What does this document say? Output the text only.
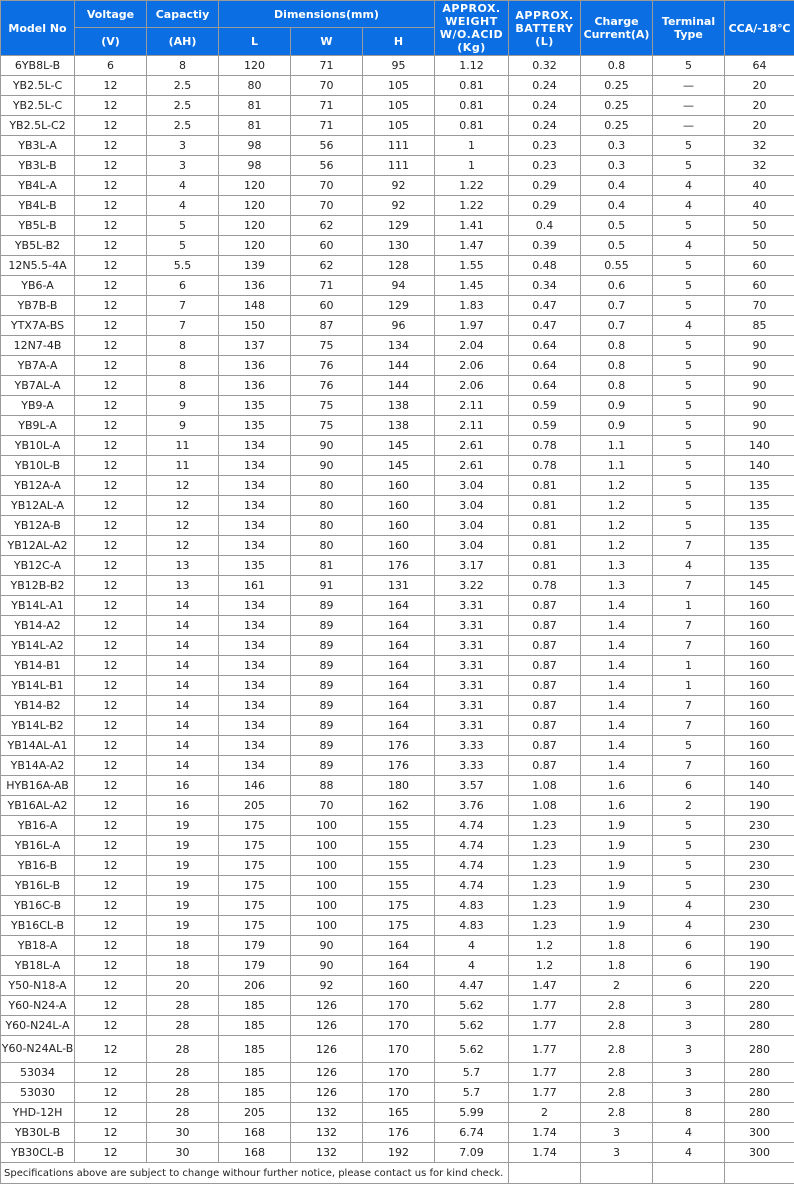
Model No	Voltage	Capactiy	Dimensions(mm)			APPROX. WEIGHT W/O.ACID (Kg)	APPROX. BATTERY (L)	Charge Current(A)	Terminal Type	CCA/-18℃
	(V)	(AH)	L	W	H					
6YB8L-B	6	8	120	71	95	1.12	0.32	0.8	5	64
YB2.5L-C	12	2.5	80	70	105	0.81	0.24	0.25	—	20
YB2.5L-C	12	2.5	81	71	105	0.81	0.24	0.25	—	20
YB2.5L-C2	12	2.5	81	71	105	0.81	0.24	0.25	—	20
YB3L-A	12	3	98	56	111	1	0.23	0.3	5	32
YB3L-B	12	3	98	56	111	1	0.23	0.3	5	32
YB4L-A	12	4	120	70	92	1.22	0.29	0.4	4	40
YB4L-B	12	4	120	70	92	1.22	0.29	0.4	4	40
YB5L-B	12	5	120	62	129	1.41	0.4	0.5	5	50
YB5L-B2	12	5	120	60	130	1.47	0.39	0.5	4	50
12N5.5-4A	12	5.5	139	62	128	1.55	0.48	0.55	5	60
YB6-A	12	6	136	71	94	1.45	0.34	0.6	5	60
YB7B-B	12	7	148	60	129	1.83	0.47	0.7	5	70
YTX7A-BS	12	7	150	87	96	1.97	0.47	0.7	4	85
12N7-4B	12	8	137	75	134	2.04	0.64	0.8	5	90
YB7A-A	12	8	136	76	144	2.06	0.64	0.8	5	90
YB7AL-A	12	8	136	76	144	2.06	0.64	0.8	5	90
YB9-A	12	9	135	75	138	2.11	0.59	0.9	5	90
YB9L-A	12	9	135	75	138	2.11	0.59	0.9	5	90
YB10L-A	12	11	134	90	145	2.61	0.78	1.1	5	140
YB10L-B	12	11	134	90	145	2.61	0.78	1.1	5	140
YB12A-A	12	12	134	80	160	3.04	0.81	1.2	5	135
YB12AL-A	12	12	134	80	160	3.04	0.81	1.2	5	135
YB12A-B	12	12	134	80	160	3.04	0.81	1.2	5	135
YB12AL-A2	12	12	134	80	160	3.04	0.81	1.2	7	135
YB12C-A	12	13	135	81	176	3.17	0.81	1.3	4	135
YB12B-B2	12	13	161	91	131	3.22	0.78	1.3	7	145
YB14L-A1	12	14	134	89	164	3.31	0.87	1.4	1	160
YB14-A2	12	14	134	89	164	3.31	0.87	1.4	7	160
YB14L-A2	12	14	134	89	164	3.31	0.87	1.4	7	160
YB14-B1	12	14	134	89	164	3.31	0.87	1.4	1	160
YB14L-B1	12	14	134	89	164	3.31	0.87	1.4	1	160
YB14-B2	12	14	134	89	164	3.31	0.87	1.4	7	160
YB14L-B2	12	14	134	89	164	3.31	0.87	1.4	7	160
YB14AL-A1	12	14	134	89	176	3.33	0.87	1.4	5	160
YB14A-A2	12	14	134	89	176	3.33	0.87	1.4	7	160
HYB16A-AB	12	16	146	88	180	3.57	1.08	1.6	6	140
YB16AL-A2	12	16	205	70	162	3.76	1.08	1.6	2	190
YB16-A	12	19	175	100	155	4.74	1.23	1.9	5	230
YB16L-A	12	19	175	100	155	4.74	1.23	1.9	5	230
YB16-B	12	19	175	100	155	4.74	1.23	1.9	5	230
YB16L-B	12	19	175	100	155	4.74	1.23	1.9	5	230
YB16C-B	12	19	175	100	175	4.83	1.23	1.9	4	230
YB16CL-B	12	19	175	100	175	4.83	1.23	1.9	4	230
YB18-A	12	18	179	90	164	4	1.2	1.8	6	190
YB18L-A	12	18	179	90	164	4	1.2	1.8	6	190
Y50-N18-A	12	20	206	92	160	4.47	1.47	2	6	220
Y60-N24-A	12	28	185	126	170	5.62	1.77	2.8	3	280
Y60-N24L-A	12	28	185	126	170	5.62	1.77	2.8	3	280
Y60-N24AL-B	12	28	185	126	170	5.62	1.77	2.8	3	280
53034	12	28	185	126	170	5.7	1.77	2.8	3	280
53030	12	28	185	126	170	5.7	1.77	2.8	3	280
YHD-12H	12	28	205	132	165	5.99	2	2.8	8	280
YB30L-B	12	30	168	132	176	6.74	1.74	3	4	300
YB30CL-B	12	30	168	132	192	7.09	1.74	3	4	300
Specifications above are subject to change withour further notice, please contact us for kind check.										
